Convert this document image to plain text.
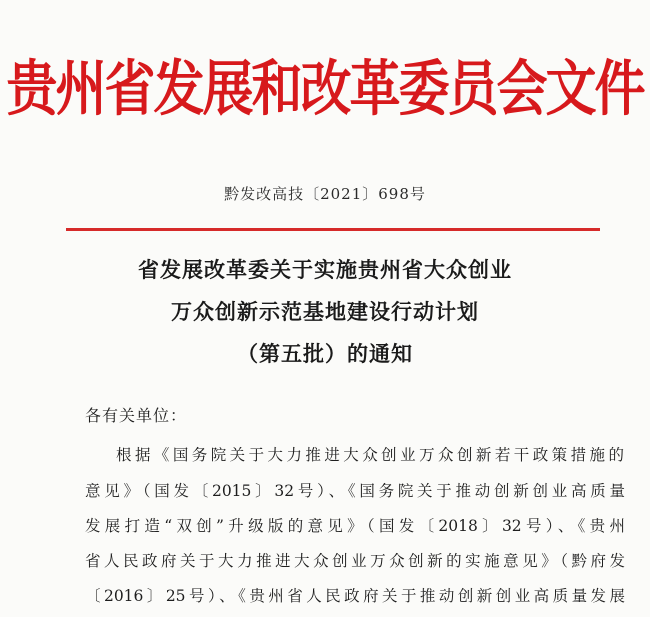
贵州省发展和改革委员会文件
黔发改高技〔2021〕698号
省发展改革委关于实施贵州省大众创业
万众创新示范基地建设行动计划
（第五批）的通知
各有关单位：
根据《国务院关于大力推进大众创业万众创新若干政策措施的
意见》（国发〔2015〕32号）、《国务院关于推动创新创业高质量
发展打造“双创”升级版的意见》（国发〔2018〕32号）、《贵州
省人民政府关于大力推进大众创业万众创新的实施意见》（黔府发
〔2016〕25号）、《贵州省人民政府关于推动创新创业高质量发展
